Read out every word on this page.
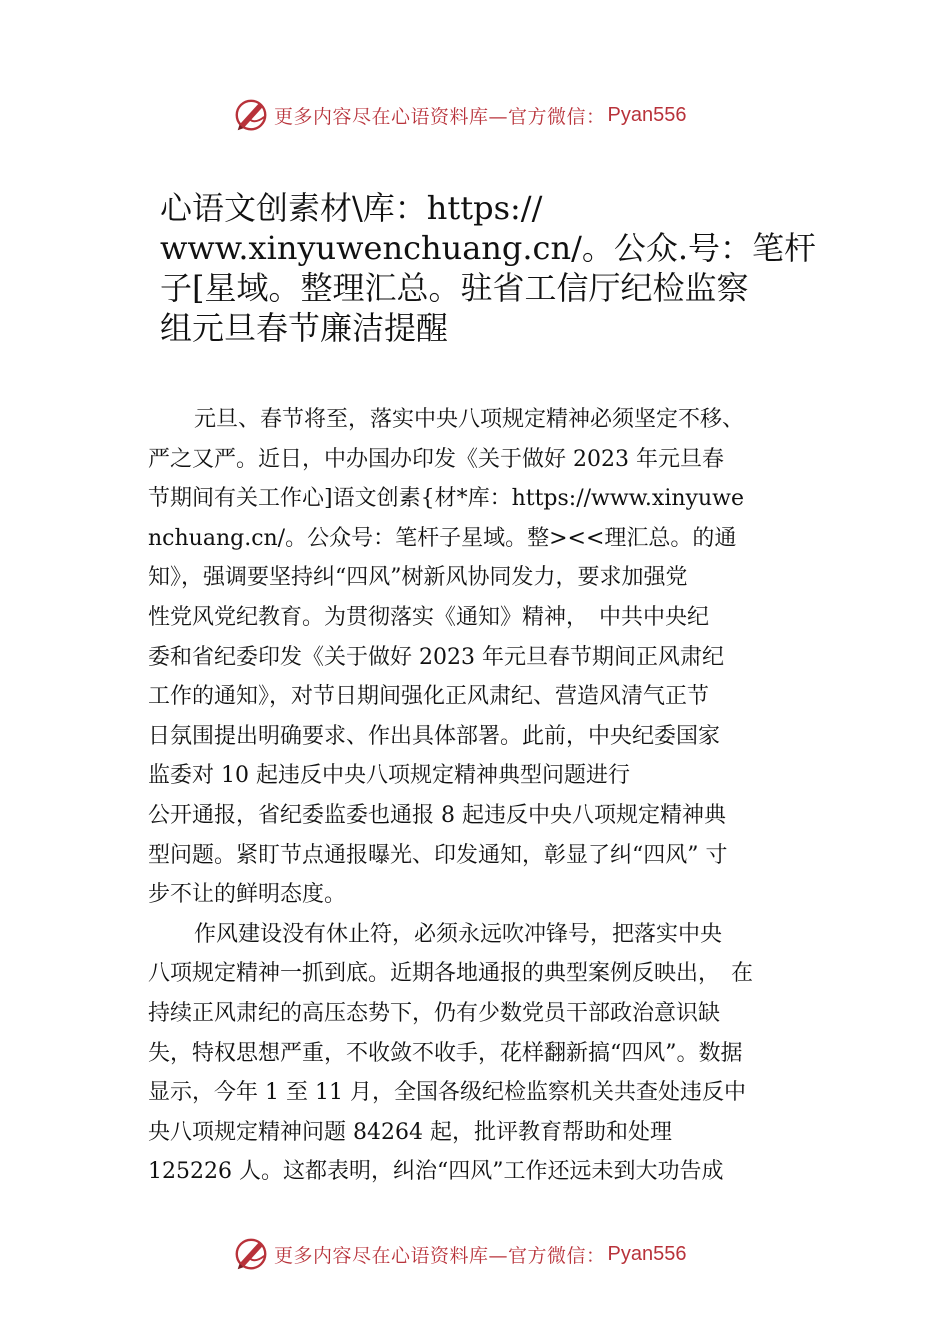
更多内容尽在心语资料库—官方微信： Pyan556
心语文创素材\库：https://
www.xinyuwenchuang.cn/。公众.号：笔杆
子[星域。整理汇总。驻省工信厅纪检监察
组元旦春节廉洁提醒
元旦、春节将至，落实中央八项规定精神必须坚定不移、
严之又严。近日，中办国办印发《关于做好 2023 年元旦春
节期间有关工作心]语文创素{材*库：https://www.xinyuwe
nchuang.cn/。公众号：笔杆子星域。整><<理汇总。的通
知》，强调要坚持纠“四风”树新风协同发力，要求加强党
性党风党纪教育。为贯彻落实《通知》精神，　中共中央纪
委和省纪委印发《关于做好 2023 年元旦春节期间正风肃纪
工作的通知》，对节日期间强化正风肃纪、营造风清气正节
日氛围提出明确要求、作出具体部署。此前，中央纪委国家
监委对 10 起违反中央八项规定精神典型问题进行
公开通报，省纪委监委也通报 8 起违反中央八项规定精神典
型问题。紧盯节点通报曝光、印发通知，彰显了纠“四风” 寸
步不让的鲜明态度。
作风建设没有休止符，必须永远吹冲锋号，把落实中央
八项规定精神一抓到底。近期各地通报的典型案例反映出，　在
持续正风肃纪的高压态势下，仍有少数党员干部政治意识缺
失，特权思想严重，不收敛不收手，花样翻新搞“四风”。数据
显示，今年 1 至 11 月，全国各级纪检监察机关共查处违反中
央八项规定精神问题 84264 起，批评教育帮助和处理
125226 人。这都表明，纠治“四风”工作还远未到大功告成
更多内容尽在心语资料库—官方微信： Pyan556
